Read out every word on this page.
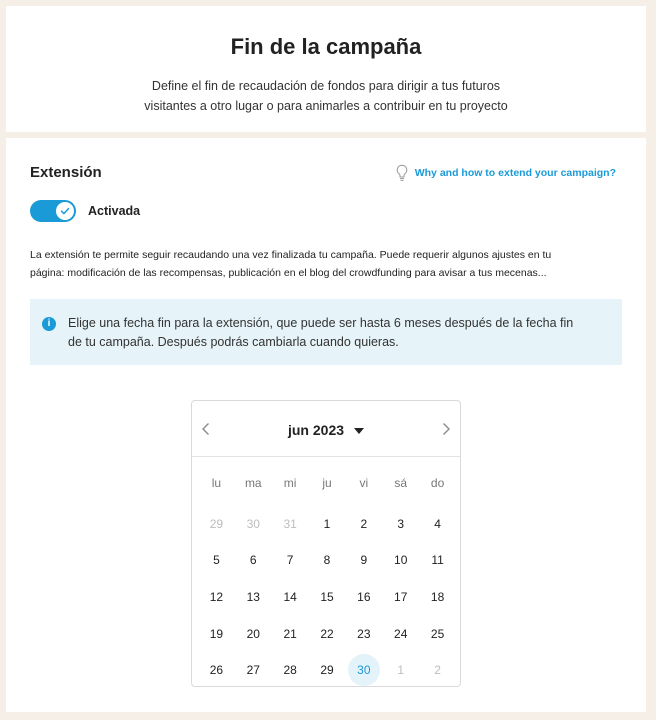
Fin de la campaña

Define el fin de recaudación de fondos para dirigir a tus futuros
visitantes a otro lugar o para animarles a contribuir en tu proyecto

Extensión	Why and how to extend your campaign?
Activada
La extensión te permite seguir recaudando una vez finalizada tu campaña. Puede requerir algunos ajustes en tu
página: modificación de las recompensas, publicación en el blog del crowdfunding para avisar a tus mecenas...
i	Elige una fecha fin para la extensión, que puede ser hasta 6 meses después de la fecha fin
de tu campaña. Después podrás cambiarla cuando quieras.
jun 2023
lu	ma	mi	ju	vi	sá	do
29 30 31 1	2	3	4
5	6	7	8	9 10 11
12 13 14 15 16 17 18
19 20 21 22 23 24 25
26 27 28 29	30	1	2
